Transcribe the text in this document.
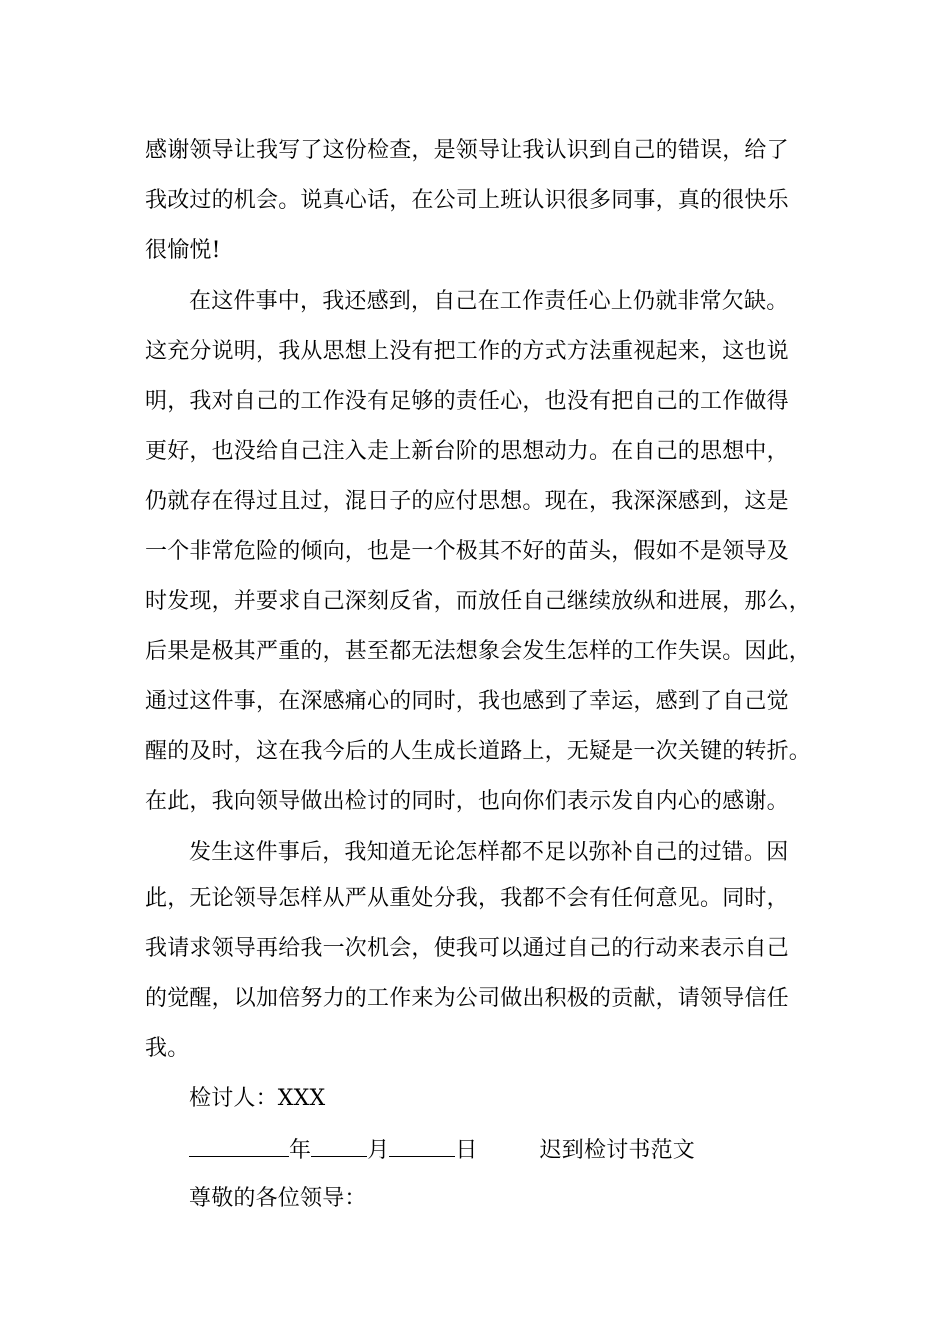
感谢领导让我写了这份检查，是领导让我认识到自己的错误，给了
我改过的机会。说真心话，在公司上班认识很多同事，真的很快乐
很愉悦!
在这件事中，我还感到，自己在工作责任心上仍就非常欠缺。
这充分说明，我从思想上没有把工作的方式方法重视起来，这也说
明，我对自己的工作没有足够的责任心，也没有把自己的工作做得
更好，也没给自己注入走上新台阶的思想动力。在自己的思想中，
仍就存在得过且过，混日子的应付思想。现在，我深深感到，这是
一个非常危险的倾向，也是一个极其不好的苗头，假如不是领导及
时发现，并要求自己深刻反省，而放任自己继续放纵和进展，那么，
后果是极其严重的，甚至都无法想象会发生怎样的工作失误。因此，
通过这件事，在深感痛心的同时，我也感到了幸运，感到了自己觉
醒的及时，这在我今后的人生成长道路上，无疑是一次关键的转折。
在此，我向领导做出检讨的同时，也向你们表示发自内心的感谢。
发生这件事后，我知道无论怎样都不足以弥补自己的过错。因
此，无论领导怎样从严从重处分我，我都不会有任何意见。同时，
我请求领导再给我一次机会，使我可以通过自己的行动来表示自己
的觉醒，以加倍努力的工作来为公司做出积极的贡献，请领导信任
我。
检讨人：XXX
年	月	日	迟到检讨书范文
尊敬的各位领导：
